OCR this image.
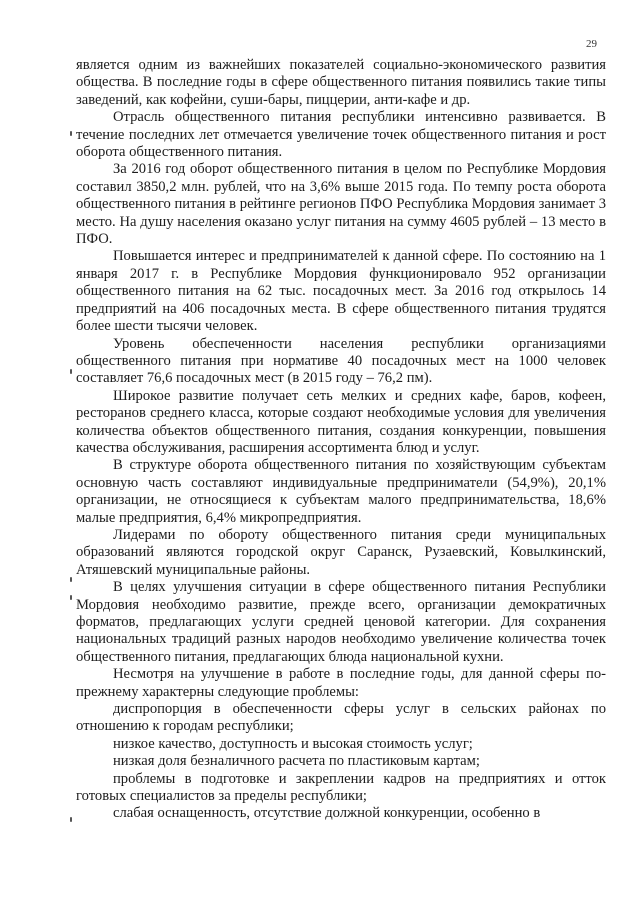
29

является одним из важнейших показателей социально-экономического развития общества. В последние годы в сфере общественного питания появились такие типы заведений, как кофейни, суши-бары, пиццерии, анти-кафе и др.

Отрасль общественного питания республики интенсивно развивается. В течение последних лет отмечается увеличение точек общественного питания и рост оборота общественного питания.

За 2016 год оборот общественного питания в целом по Республике Мордовия составил 3850,2 млн. рублей, что на 3,6% выше 2015 года. По темпу роста оборота общественного питания в рейтинге регионов ПФО Республика Мордовия занимает 3 место. На душу населения оказано услуг питания на сумму 4605 рублей – 13 место в ПФО.

Повышается интерес и предпринимателей к данной сфере. По состоянию на 1 января 2017 г. в Республике Мордовия функционировало 952 организации общественного питания на 62 тыс. посадочных мест. За 2016 год открылось 14 предприятий на 406 посадочных места. В сфере общественного питания трудятся более шести тысячи человек.

Уровень обеспеченности населения республики организациями общественного питания при нормативе 40 посадочных мест на 1000 человек составляет 76,6 посадочных мест (в 2015 году – 76,2 пм).

Широкое развитие получает сеть мелких и средних кафе, баров, кофеен, ресторанов среднего класса, которые создают необходимые условия для увеличения количества объектов общественного питания, создания конкуренции, повышения качества обслуживания, расширения ассортимента блюд и услуг.

В структуре оборота общественного питания по хозяйствующим субъектам основную часть составляют индивидуальные предприниматели (54,9%), 20,1% организации, не относящиеся к субъектам малого предпринимательства, 18,6% малые предприятия, 6,4% микропредприятия.

Лидерами по обороту общественного питания среди муниципальных образований являются городской округ Саранск, Рузаевский, Ковылкинский, Атяшевский муниципальные районы.

В целях улучшения ситуации в сфере общественного питания Республики Мордовия необходимо развитие, прежде всего, организации демократичных форматов, предлагающих услуги средней ценовой категории. Для сохранения национальных традиций разных народов необходимо увеличение количества точек общественного питания, предлагающих блюда национальной кухни.

Несмотря на улучшение в работе в последние годы, для данной сферы по-прежнему характерны следующие проблемы:

диспропорция в обеспеченности сферы услуг в сельских районах по отношению к городам республики;

низкое качество, доступность и высокая стоимость услуг;

низкая доля безналичного расчета по пластиковым картам;

проблемы в подготовке и закреплении кадров на предприятиях и отток готовых специалистов за пределы республики;

слабая оснащенность, отсутствие должной конкуренции, особенно в
